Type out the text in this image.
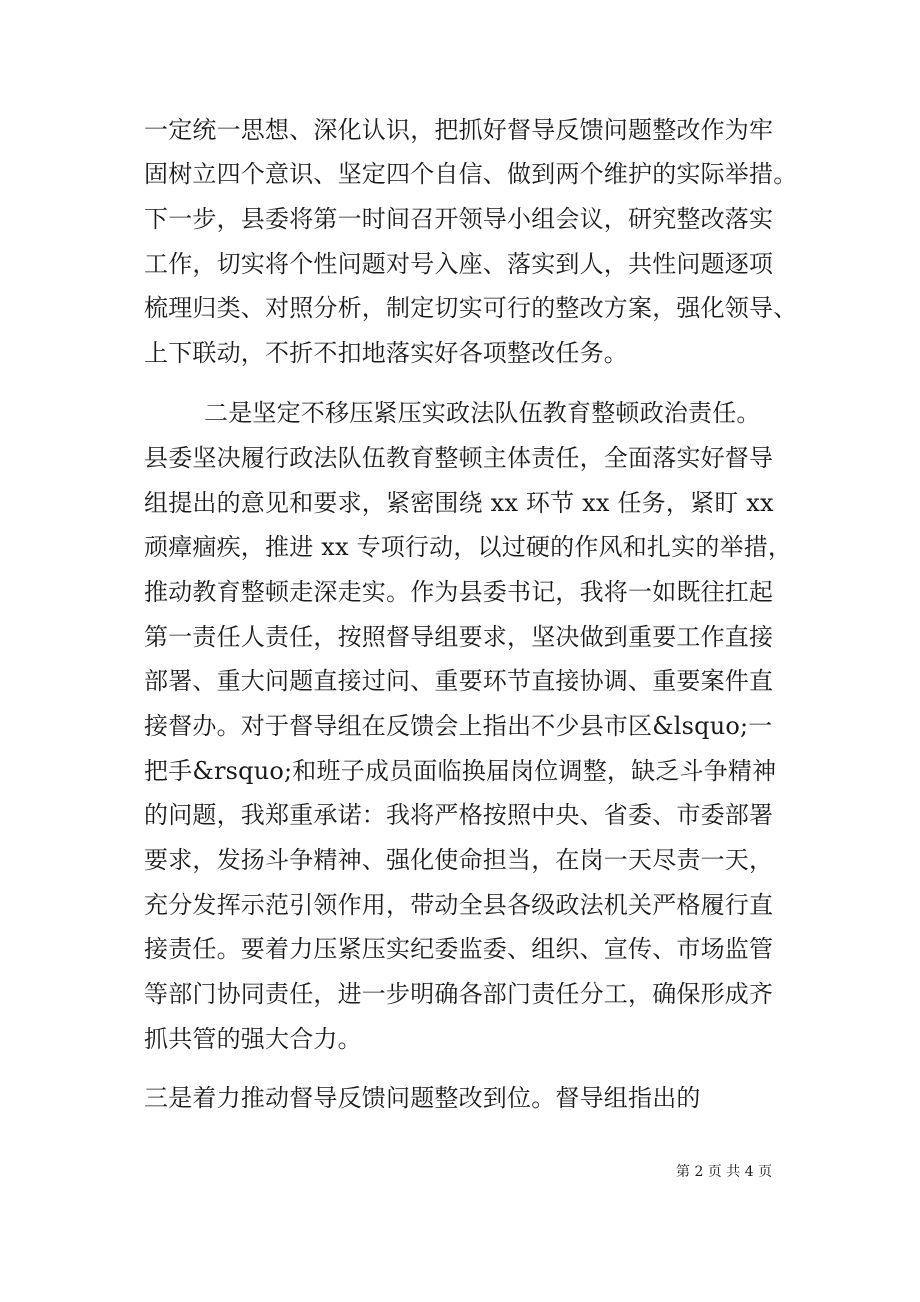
一定统一思想、深化认识，把抓好督导反馈问题整改作为牢
固树立四个意识、坚定四个自信、做到两个维护的实际举措。
下一步，县委将第一时间召开领导小组会议，研究整改落实
工作，切实将个性问题对号入座、落实到人，共性问题逐项
梳理归类、对照分析，制定切实可行的整改方案，强化领导、
上下联动，不折不扣地落实好各项整改任务。
二是坚定不移压紧压实政法队伍教育整顿政治责任。
县委坚决履行政法队伍教育整顿主体责任，全面落实好督导
组提出的意见和要求，紧密围绕 xx 环节 xx 任务，紧盯 xx
顽瘴痼疾，推进 xx 专项行动，以过硬的作风和扎实的举措，
推动教育整顿走深走实。作为县委书记，我将一如既往扛起
第一责任人责任，按照督导组要求，坚决做到重要工作直接
部署、重大问题直接过问、重要环节直接协调、重要案件直
接督办。对于督导组在反馈会上指出不少县市区&lsquo;一
把手&rsquo;和班子成员面临换届岗位调整，缺乏斗争精神
的问题，我郑重承诺：我将严格按照中央、省委、市委部署
要求，发扬斗争精神、强化使命担当，在岗一天尽责一天，
充分发挥示范引领作用，带动全县各级政法机关严格履行直
接责任。要着力压紧压实纪委监委、组织、宣传、市场监管
等部门协同责任，进一步明确各部门责任分工，确保形成齐
抓共管的强大合力。
三是着力推动督导反馈问题整改到位。督导组指出的
第 2 页 共 4 页
